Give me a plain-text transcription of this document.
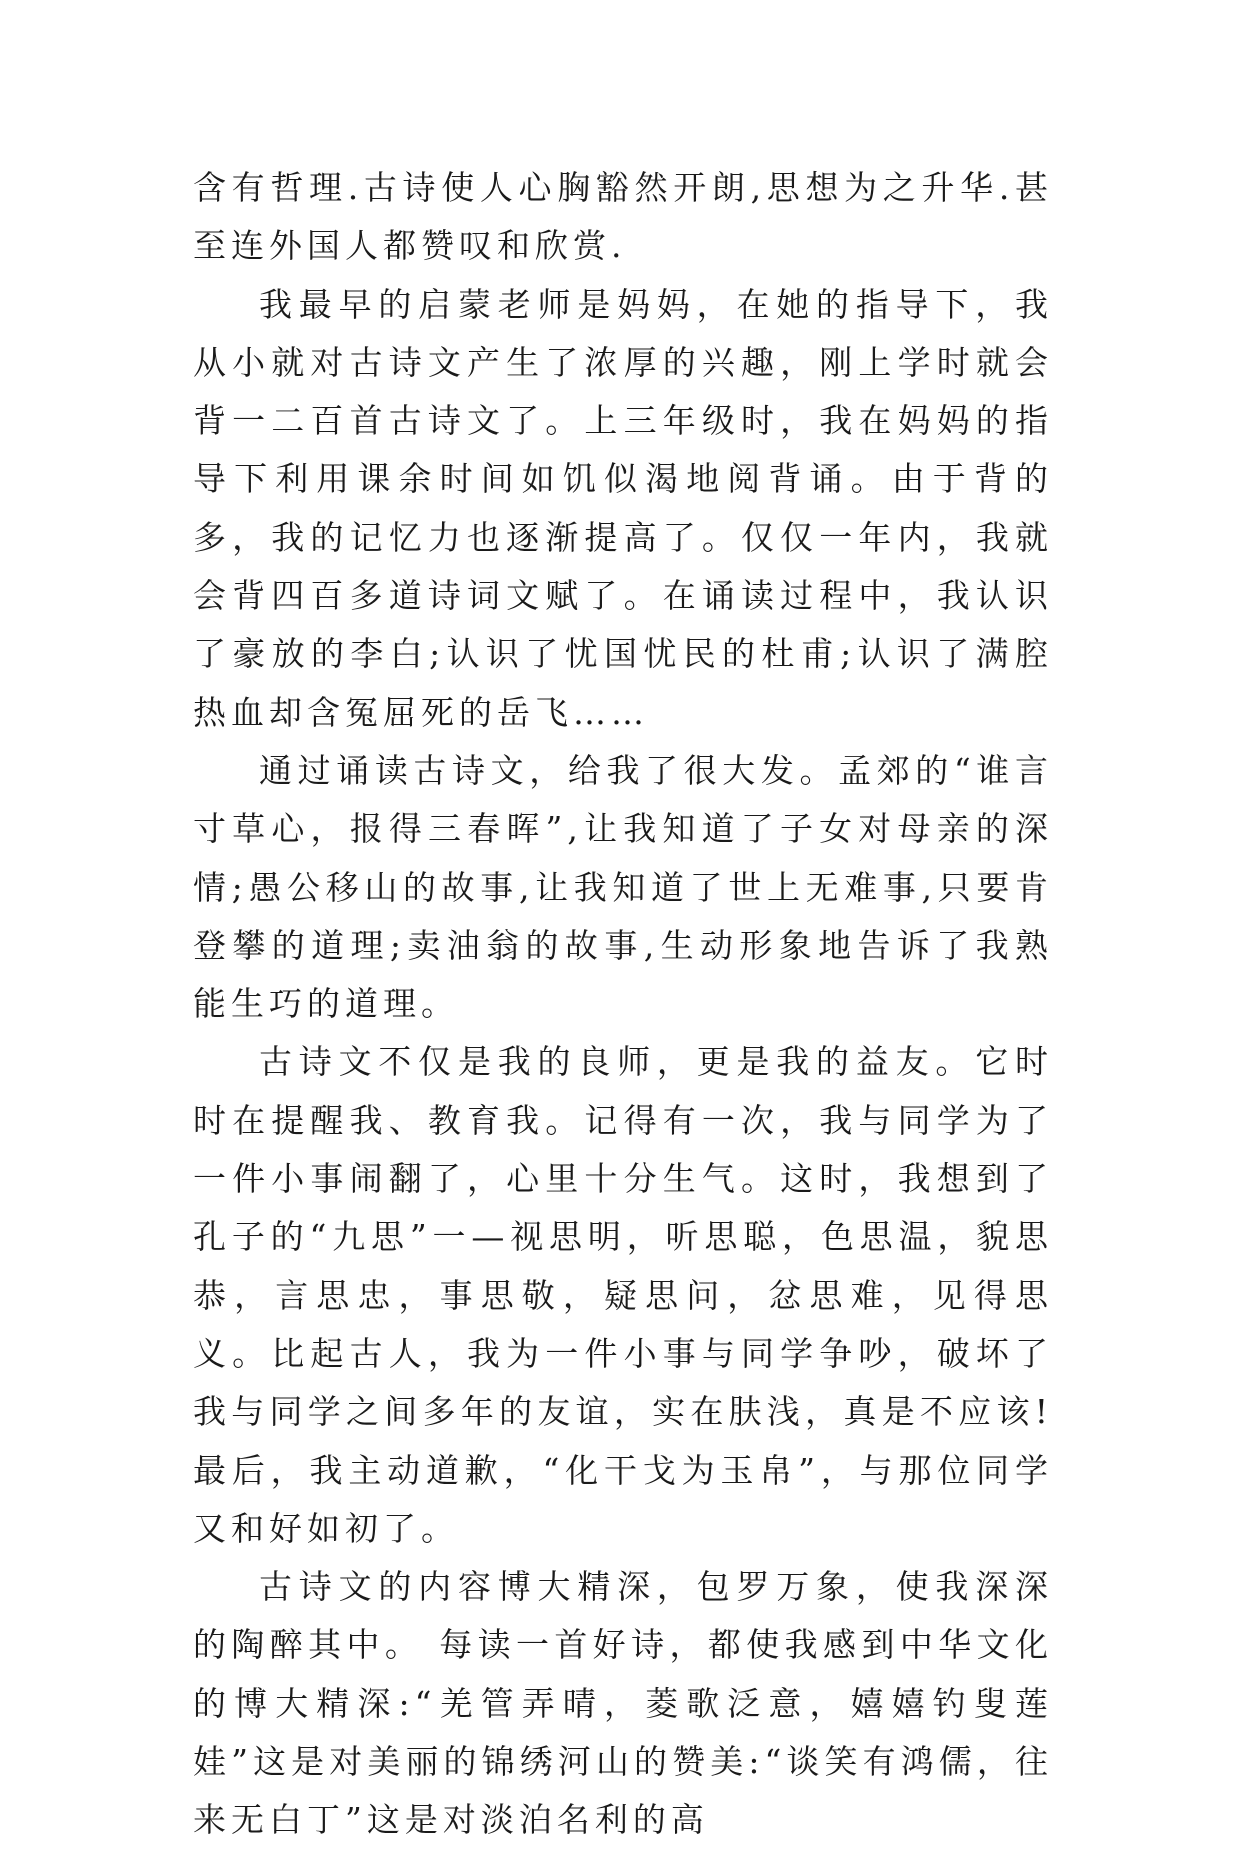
含有哲理.古诗使人心胸豁然开朗,思想为之升华.甚至连外国人都赞叹和欣赏.

我最早的启蒙老师是妈妈，在她的指导下，我从小就对古诗文产生了浓厚的兴趣，刚上学时就会背一二百首古诗文了。上三年级时，我在妈妈的指导下利用课余时间如饥似渴地阅背诵。由于背的多，我的记忆力也逐渐提高了。仅仅一年内，我就会背四百多道诗词文赋了。在诵读过程中，我认识了豪放的李白;认识了忧国忧民的杜甫;认识了满腔热血却含冤屈死的岳飞……

通过诵读古诗文，给我了很大发。孟郊的“谁言寸草心，报得三春晖”,让我知道了子女对母亲的深情;愚公移山的故事,让我知道了世上无难事,只要肯登攀的道理;卖油翁的故事,生动形象地告诉了我熟能生巧的道理。

古诗文不仅是我的良师，更是我的益友。它时时在提醒我、教育我。记得有一次，我与同学为了一件小事闹翻了，心里十分生气。这时，我想到了孔子的“九思”一—视思明，听思聪，色思温，貌思恭，言思忠，事思敬，疑思问，忿思难，见得思义。比起古人，我为一件小事与同学争吵，破坏了我与同学之间多年的友谊，实在肤浅，真是不应该!最后，我主动道歉，“化干戈为玉帛”，与那位同学又和好如初了。

古诗文的内容博大精深，包罗万象，使我深深的陶醉其中。 每读一首好诗，都使我感到中华文化的博大精深:“羌管弄晴，菱歌泛意，嬉嬉钓叟莲娃”这是对美丽的锦绣河山的赞美:“谈笑有鸿儒，往来无白丁”这是对淡泊名利的高
